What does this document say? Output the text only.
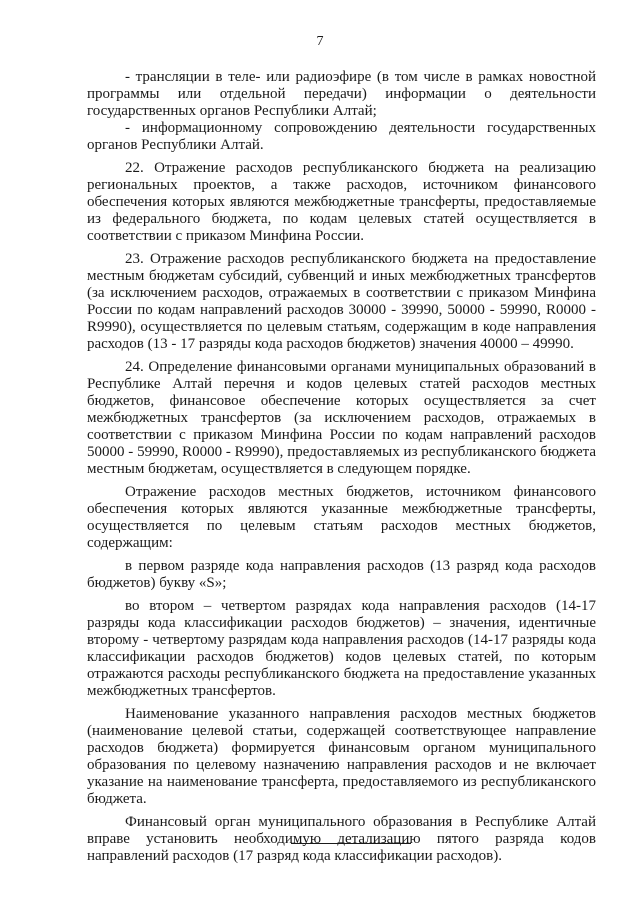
7

- трансляции в теле- или радиоэфире (в том числе в рамках новостной программы или отдельной передачи) информации о деятельности государственных органов Республики Алтай;

- информационному сопровождению деятельности государственных органов Республики Алтай.

22. Отражение расходов республиканского бюджета на реализацию региональных проектов, а также расходов, источником финансового обеспечения которых являются межбюджетные трансферты, предоставляемые из федерального бюджета, по кодам целевых статей осуществляется в соответствии с приказом Минфина России.

23. Отражение расходов республиканского бюджета на предоставление местным бюджетам субсидий, субвенций и иных межбюджетных трансфертов (за исключением расходов, отражаемых в соответствии с приказом Минфина России по кодам направлений расходов 30000 - 39990, 50000 - 59990, R0000 - R9990), осуществляется по целевым статьям, содержащим в коде направления расходов (13 - 17 разряды кода расходов бюджетов) значения 40000 – 49990.

24. Определение финансовыми органами муниципальных образований в Республике Алтай перечня и кодов целевых статей расходов местных бюджетов, финансовое обеспечение которых осуществляется за счет межбюджетных трансфертов (за исключением расходов, отражаемых в соответствии с приказом Минфина России по кодам направлений расходов 50000 - 59990, R0000 - R9990), предоставляемых из республиканского бюджета местным бюджетам, осуществляется в следующем порядке.

Отражение расходов местных бюджетов, источником финансового обеспечения которых являются указанные межбюджетные трансферты, осуществляется по целевым статьям расходов местных бюджетов, содержащим:

в первом разряде кода направления расходов (13 разряд кода расходов бюджетов) букву «S»;

во втором – четвертом разрядах кода направления расходов (14-17 разряды кода классификации расходов бюджетов) – значения, идентичные второму - четвертому разрядам кода направления расходов (14-17 разряды кода классификации расходов бюджетов) кодов целевых статей, по которым отражаются расходы республиканского бюджета на предоставление указанных межбюджетных трансфертов.

Наименование указанного направления расходов местных бюджетов (наименование целевой статьи, содержащей соответствующее направление расходов бюджета) формируется финансовым органом муниципального образования по целевому назначению направления расходов и не включает указание на наименование трансферта, предоставляемого из республиканского бюджета.

Финансовый орган муниципального образования в Республике Алтай вправе установить необходимую детализацию пятого разряда кодов направлений расходов (17 разряд кода классификации расходов).
